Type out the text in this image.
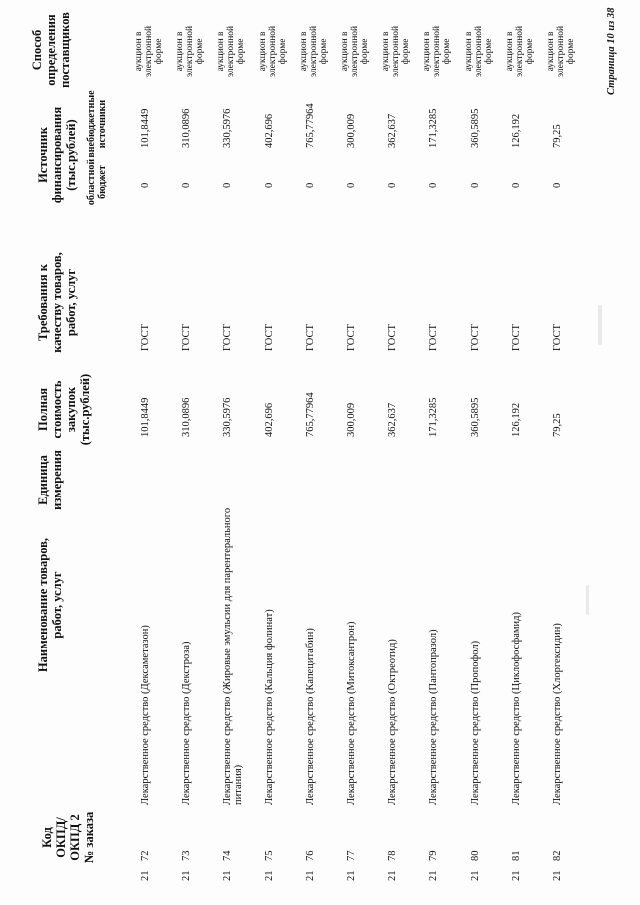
Код ОКПД/ ОКПД 2 № заказа
Наименование товаров, работ, услуг
Единица измерения
Полная стоимость закупок (тыс.рублей)
Требования к качеству товаров, работ, услуг
Источник финансирования (тыс.рублей) областной бюджет
внебюджетные источники
Способ определения поставщиков
21
72
101,8449
ГОСТ
0
101,8449
Лекарственное средство (Дексаметазон)
аукцион в электронной форме
21
73
310,0896
ГОСТ
0
310,0896
Лекарственное средство (Декстроза)
аукцион в электронной форме
21
74
330,5976
ГОСТ
0
330,5976
Лекарственное средство (Жировые эмульсии для парентерального питания)
аукцион в электронной форме
21
75
402,696
ГОСТ
0
402,696
Лекарственное средство (Кальция фолинат)
аукцион в электронной форме
21
76
765,77964
ГОСТ
0
765,77964
Лекарственное средство (Капецитабин)
аукцион в электронной форме
21
77
300,009
ГОСТ
0
300,009
Лекарственное средство (Митоксантрон)
аукцион в электронной форме
21
78
362,637
ГОСТ
0
362,637
Лекарственное средство (Октреотид)
аукцион в электронной форме
21
79
171,3285
ГОСТ
0
171,3285
Лекарственное средство (Пантопразол)
аукцион в электронной форме
21
80
360,5895
ГОСТ
0
360,5895
Лекарственное средство (Пропофол)
аукцион в электронной форме
21
81
126,192
ГОСТ
0
126,192
Лекарственное средство (Циклофосфамид)
аукцион в электронной форме
21
82
79,25
ГОСТ
0
79,25
Лекарственное средство (Хлоргексидин)
аукцион в электронной форме	Страница 10 из 38
